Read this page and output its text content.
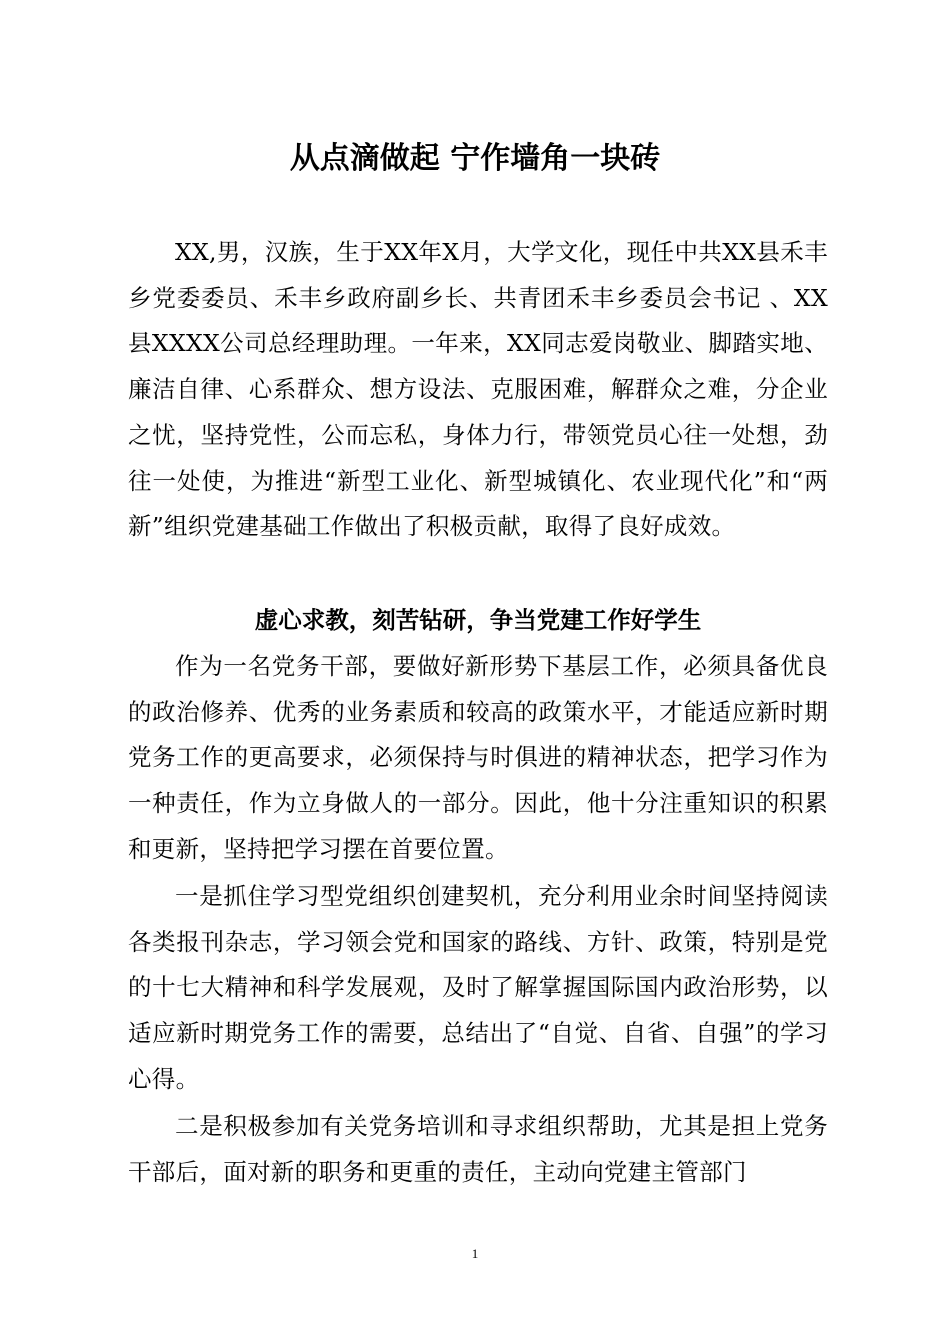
从点滴做起 宁作墙角一块砖

XX,男，汉族，生于XX年X月，大学文化，现任中共XX县禾丰乡党委委员、禾丰乡政府副乡长、共青团禾丰乡委员会书记 、XX县XXXX公司总经理助理。一年来，XX同志爱岗敬业、脚踏实地、廉洁自律、心系群众、想方设法、克服困难，解群众之难，分企业之忧，坚持党性，公而忘私，身体力行，带领党员心往一处想，劲往一处使，为推进“新型工业化、新型城镇化、农业现代化”和“两新”组织党建基础工作做出了积极贡献，取得了良好成效。

虚心求教，刻苦钻研，争当党建工作好学生

作为一名党务干部，要做好新形势下基层工作，必须具备优良的政治修养、优秀的业务素质和较高的政策水平，才能适应新时期党务工作的更高要求，必须保持与时俱进的精神状态，把学习作为一种责任，作为立身做人的一部分。因此，他十分注重知识的积累和更新，坚持把学习摆在首要位置。

一是抓住学习型党组织创建契机，充分利用业余时间坚持阅读各类报刊杂志，学习领会党和国家的路线、方针、政策，特别是党的十七大精神和科学发展观，及时了解掌握国际国内政治形势，以适应新时期党务工作的需要，总结出了“自觉、自省、自强”的学习心得。

二是积极参加有关党务培训和寻求组织帮助，尤其是担上党务干部后，面对新的职务和更重的责任，主动向党建主管部门

1
